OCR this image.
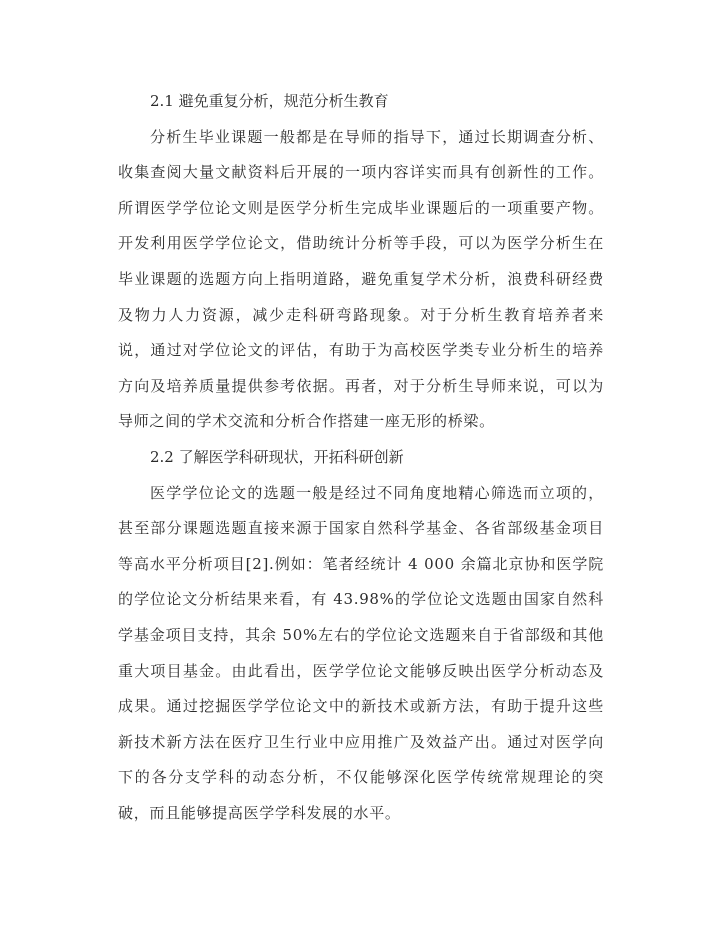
2.1 避免重复分析，规范分析生教育

分析生毕业课题一般都是在导师的指导下，通过长期调查分析、收集查阅大量文献资料后开展的一项内容详实而具有创新性的工作。所谓医学学位论文则是医学分析生完成毕业课题后的一项重要产物。开发利用医学学位论文，借助统计分析等手段，可以为医学分析生在毕业课题的选题方向上指明道路，避免重复学术分析，浪费科研经费及物力人力资源，减少走科研弯路现象。对于分析生教育培养者来说，通过对学位论文的评估，有助于为高校医学类专业分析生的培养方向及培养质量提供参考依据。再者，对于分析生导师来说，可以为导师之间的学术交流和分析合作搭建一座无形的桥梁。

2.2 了解医学科研现状，开拓科研创新

医学学位论文的选题一般是经过不同角度地精心筛选而立项的，甚至部分课题选题直接来源于国家自然科学基金、各省部级基金项目等高水平分析项目[2].例如：笔者经统计 4 000 余篇北京协和医学院的学位论文分析结果来看，有 43.98%的学位论文选题由国家自然科学基金项目支持，其余 50%左右的学位论文选题来自于省部级和其他重大项目基金。由此看出，医学学位论文能够反映出医学分析动态及成果。通过挖掘医学学位论文中的新技术或新方法，有助于提升这些新技术新方法在医疗卫生行业中应用推广及效益产出。通过对医学向下的各分支学科的动态分析，不仅能够深化医学传统常规理论的突破，而且能够提高医学学科发展的水平。
